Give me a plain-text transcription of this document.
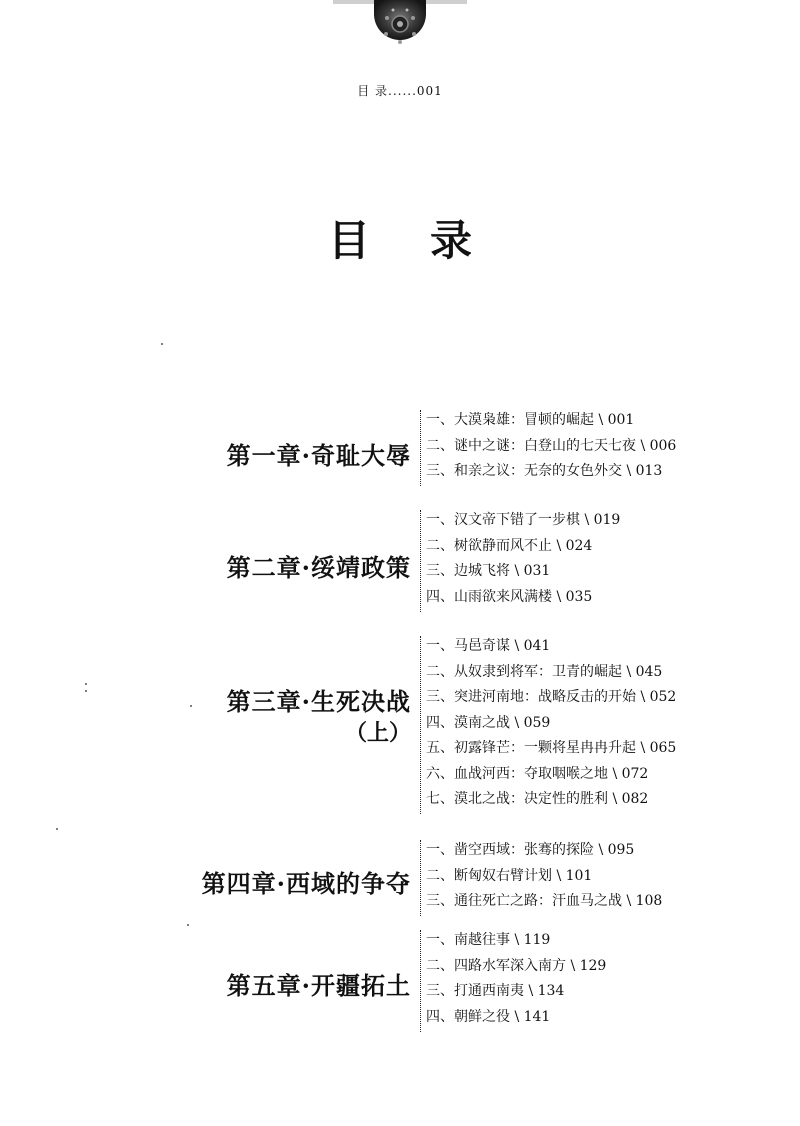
目 录......001
目录
第一章·奇耻大辱
一、大漠枭雄：冒顿的崛起 \ 001
二、谜中之谜：白登山的七天七夜 \ 006
三、和亲之议：无奈的女色外交 \ 013
第二章·绥靖政策
一、汉文帝下错了一步棋 \ 019
二、树欲静而风不止 \ 024
三、边城飞将 \ 031
四、山雨欲来风满楼 \ 035
第三章·生死决战
（上）
一、马邑奇谋 \ 041
二、从奴隶到将军：卫青的崛起 \ 045
三、突进河南地：战略反击的开始 \ 052
四、漠南之战 \ 059
五、初露锋芒：一颗将星冉冉升起 \ 065
六、血战河西：夺取咽喉之地 \ 072
七、漠北之战：决定性的胜利 \ 082
第四章·西域的争夺
一、凿空西域：张骞的探险 \ 095
二、断匈奴右臂计划 \ 101
三、通往死亡之路：汗血马之战 \ 108
第五章·开疆拓土
一、南越往事 \ 119
二、四路水军深入南方 \ 129
三、打通西南夷 \ 134
四、朝鲜之役 \ 141
